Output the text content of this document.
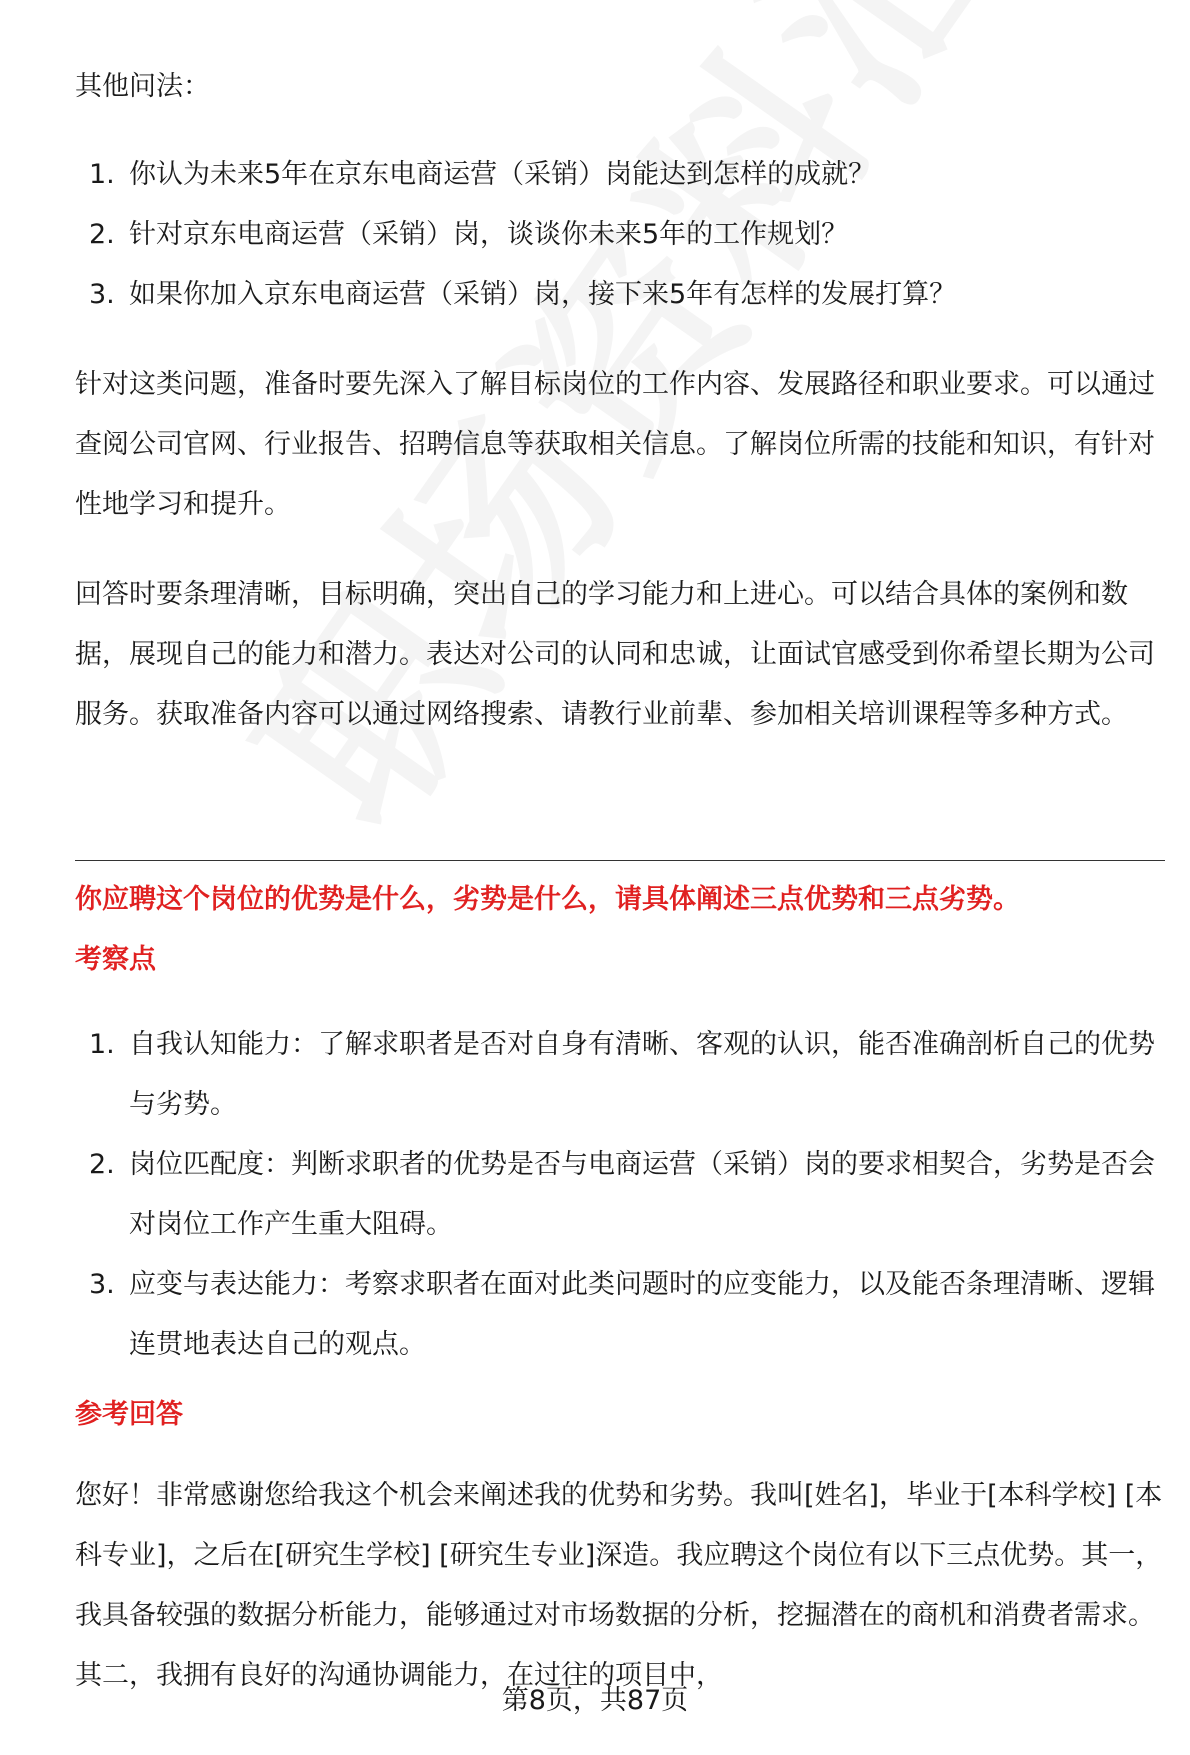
其他问法：

1. 你认为未来5年在京东电商运营（采销）岗能达到怎样的成就？
2. 针对京东电商运营（采销）岗，谈谈你未来5年的工作规划？
3. 如果你加入京东电商运营（采销）岗，接下来5年有怎样的发展打算？

针对这类问题，准备时要先深入了解目标岗位的工作内容、发展路径和职业要求。可以通过查阅公司官网、行业报告、招聘信息等获取相关信息。了解岗位所需的技能和知识，有针对性地学习和提升。

回答时要条理清晰，目标明确，突出自己的学习能力和上进心。可以结合具体的案例和数据，展现自己的能力和潜力。表达对公司的认同和忠诚，让面试官感受到你希望长期为公司服务。获取准备内容可以通过网络搜索、请教行业前辈、参加相关培训课程等多种方式。

你应聘这个岗位的优势是什么，劣势是什么，请具体阐述三点优势和三点劣势。

考察点

1. 自我认知能力：了解求职者是否对自身有清晰、客观的认识，能否准确剖析自己的优势与劣势。
2. 岗位匹配度：判断求职者的优势是否与电商运营（采销）岗的要求相契合，劣势是否会对岗位工作产生重大阻碍。
3. 应变与表达能力：考察求职者在面对此类问题时的应变能力，以及能否条理清晰、逻辑连贯地表达自己的观点。

参考回答

您好！非常感谢您给我这个机会来阐述我的优势和劣势。我叫[姓名]，毕业于[本科学校] [本科专业]，之后在[研究生学校] [研究生专业]深造。我应聘这个岗位有以下三点优势。其一，我具备较强的数据分析能力，能够通过对市场数据的分析，挖掘潜在的商机和消费者需求。其二，我拥有良好的沟通协调能力，在过往的项目中，

第8页，共87页
